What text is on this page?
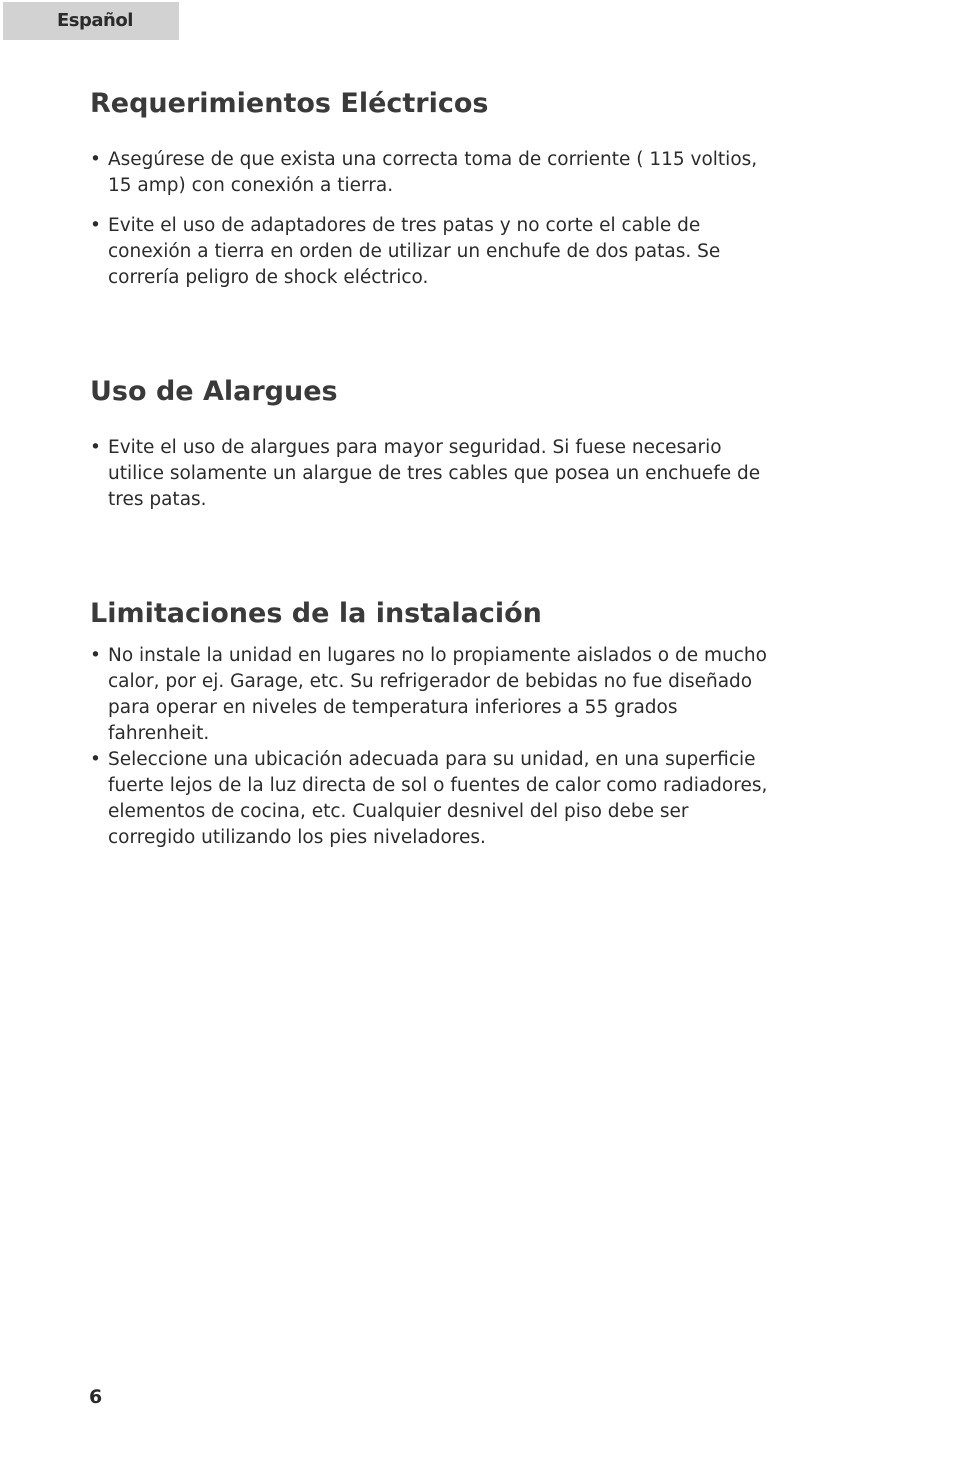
Español
Requerimientos Eléctricos
• Asegúrese de que exista una correcta toma de corriente ( 115 voltios, 15 amp) con conexión a tierra.
• Evite el uso de adaptadores de tres patas y no corte el cable de conexión a tierra en orden de utilizar un enchufe de dos patas. Se correría peligro de shock eléctrico.
Uso de Alargues
• Evite el uso de alargues para mayor seguridad. Si fuese necesario utilice solamente un alargue de tres cables que posea un enchuefe de tres patas.
Limitaciones de la instalación
• No instale la unidad en lugares no lo propiamente aislados o de mucho calor, por ej. Garage, etc. Su refrigerador de bebidas no fue diseñado para operar en niveles de temperatura inferiores a 55 grados fahrenheit.
• Seleccione una ubicación adecuada para su unidad, en una superficie fuerte lejos de la luz directa de sol o fuentes de calor como radiadores, elementos de cocina, etc. Cualquier desnivel del piso debe ser corregido utilizando los pies niveladores.
6
